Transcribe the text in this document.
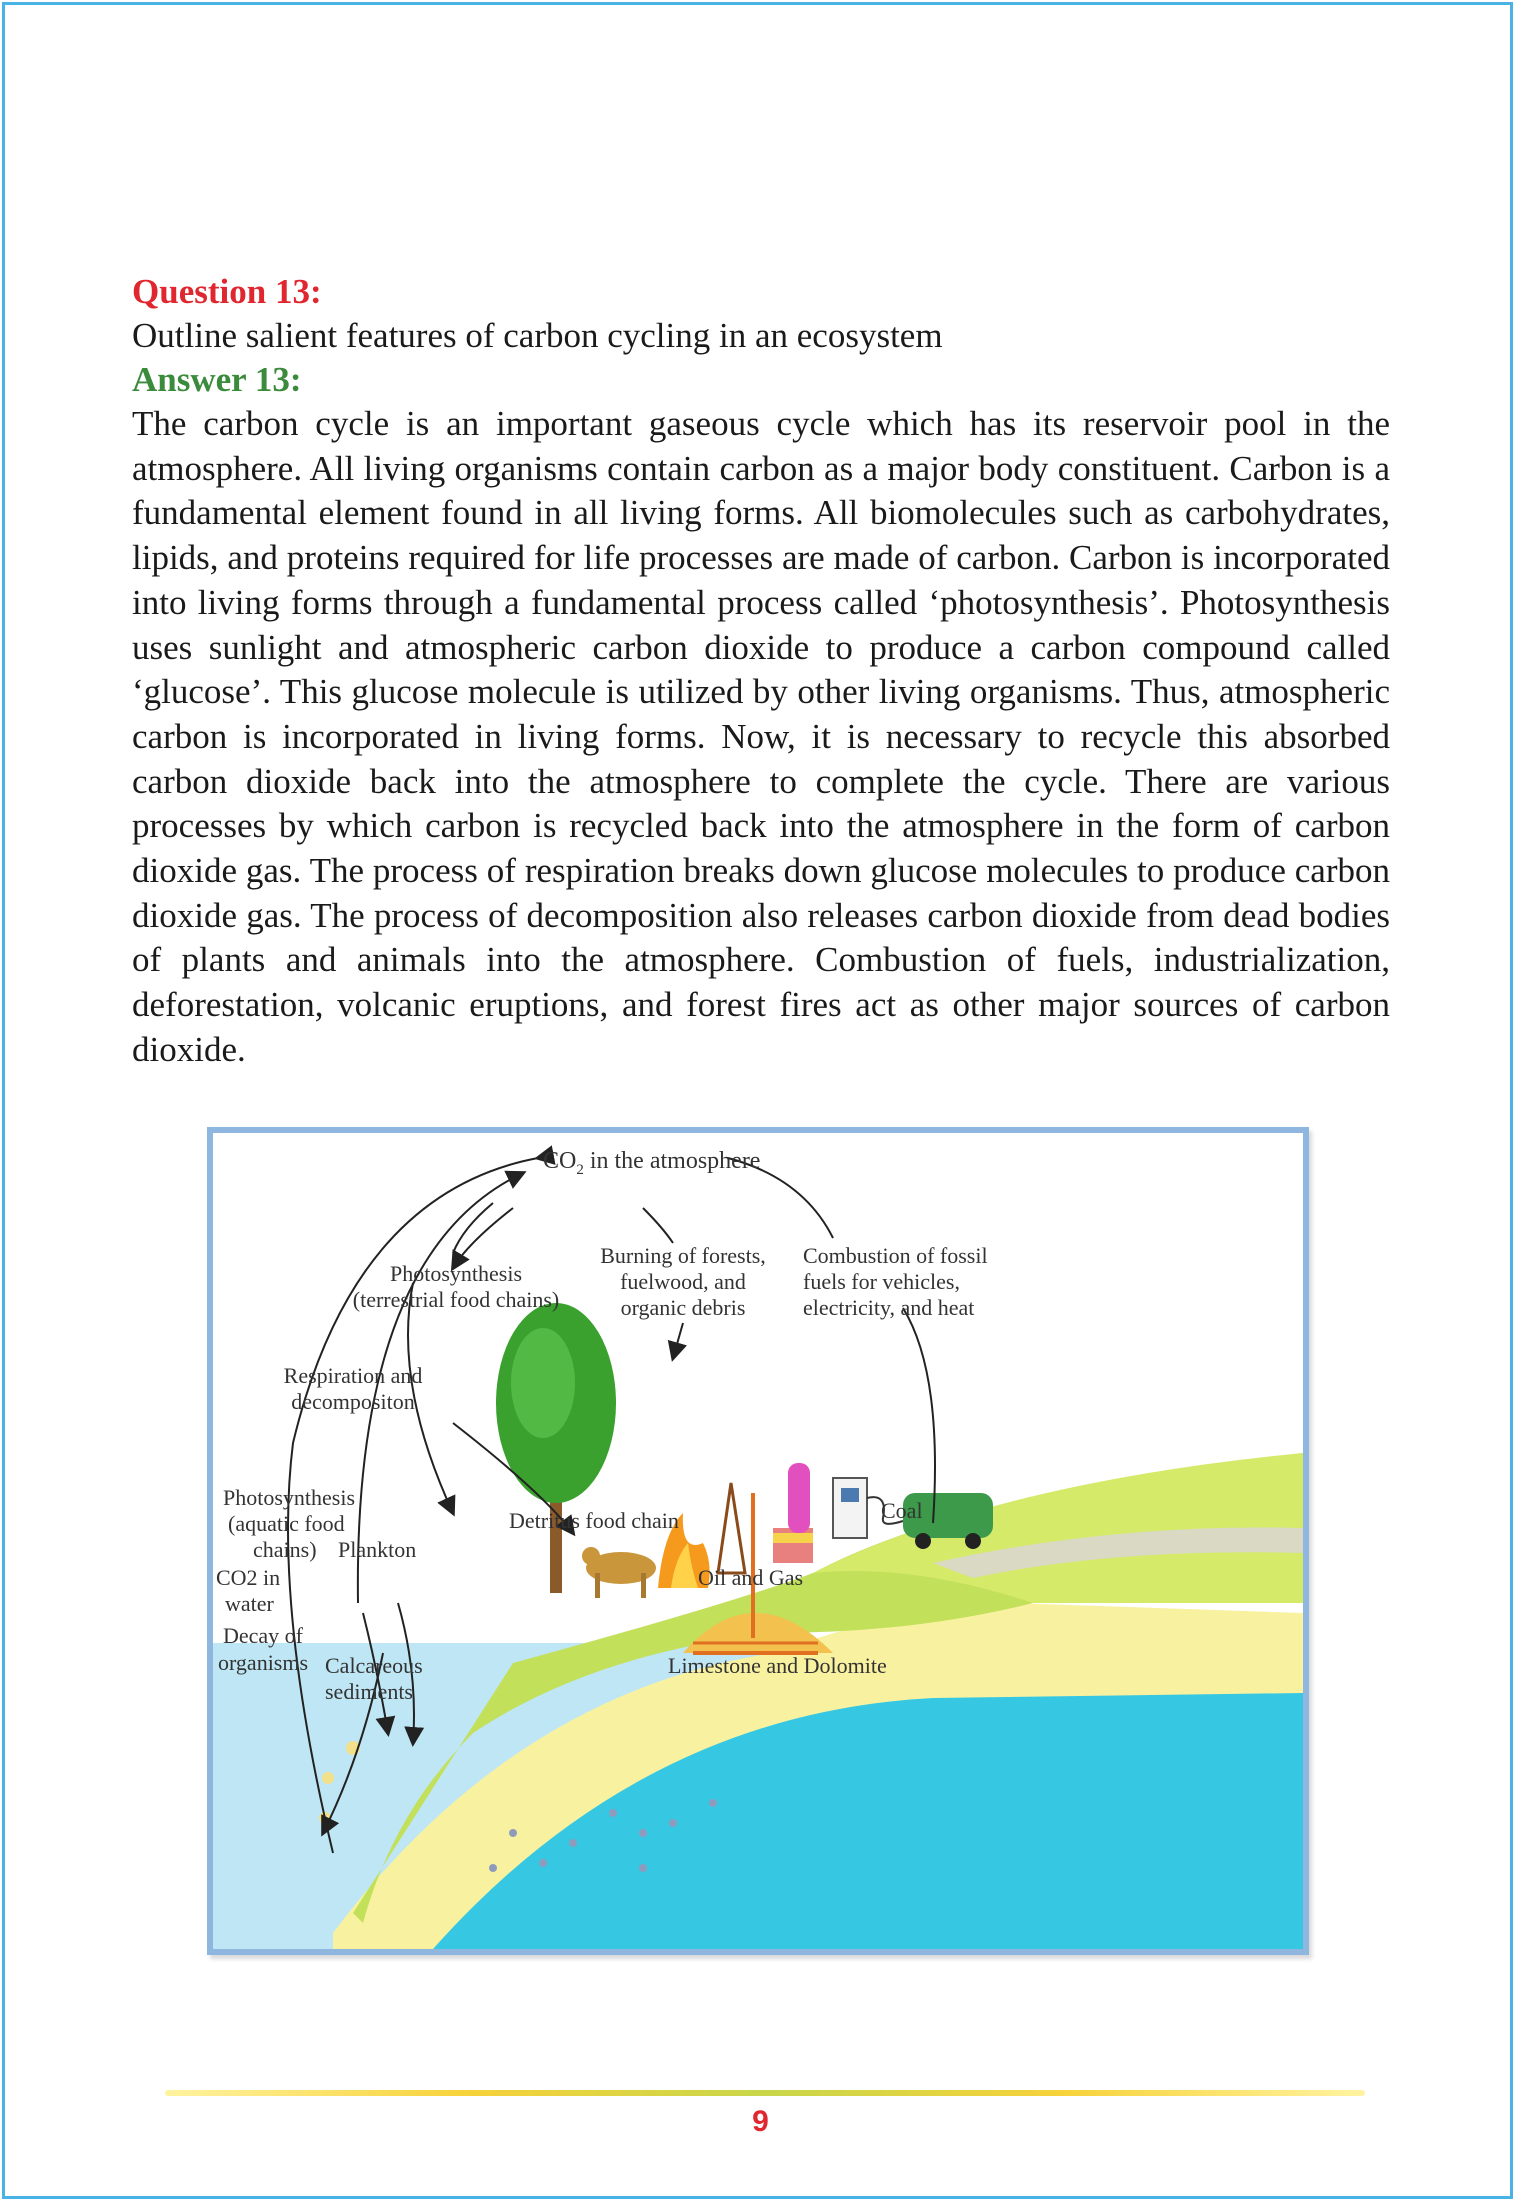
Question 13:
Outline salient features of carbon cycling in an ecosystem
Answer 13:

The carbon cycle is an important gaseous cycle which has its reservoir pool in the atmosphere. All living organisms contain carbon as a major body constituent. Carbon is a fundamental element found in all living forms. All biomolecules such as carbohydrates, lipids, and proteins required for life processes are made of carbon. Carbon is incorporated into living forms through a fundamental process called ‘photosynthesis’. Photosynthesis uses sunlight and atmospheric carbon dioxide to produce a carbon compound called ‘glucose’. This glucose molecule is utilized by other living organisms. Thus, atmospheric carbon is incorporated in living forms. Now, it is necessary to recycle this absorbed carbon dioxide back into the atmosphere to complete the cycle. There are various processes by which carbon is recycled back into the atmosphere in the form of carbon dioxide gas. The process of respiration breaks down glucose molecules to produce carbon dioxide gas. The process of decomposition also releases carbon dioxide from dead bodies of plants and animals into the atmosphere. Combustion of fuels, industrialization, deforestation, volcanic eruptions, and forest fires act as other major sources of carbon dioxide.

$CO_2$ in the atmosphere
Photosynthesis
(terrestrial food chains)
Burning of forests,
fuelwood, and
organic debris
Combustion of fossil
fuels for vehicles,
electricity, and heat
Respiration and
decompositon
Photosynthesis
(aquatic food
chains) Plankton
CO2 in
water
Decay of
organisms Calcareous
sediments
Detritus food chain	Coal
Oil and Gas
Limestone and Dolomite
9
